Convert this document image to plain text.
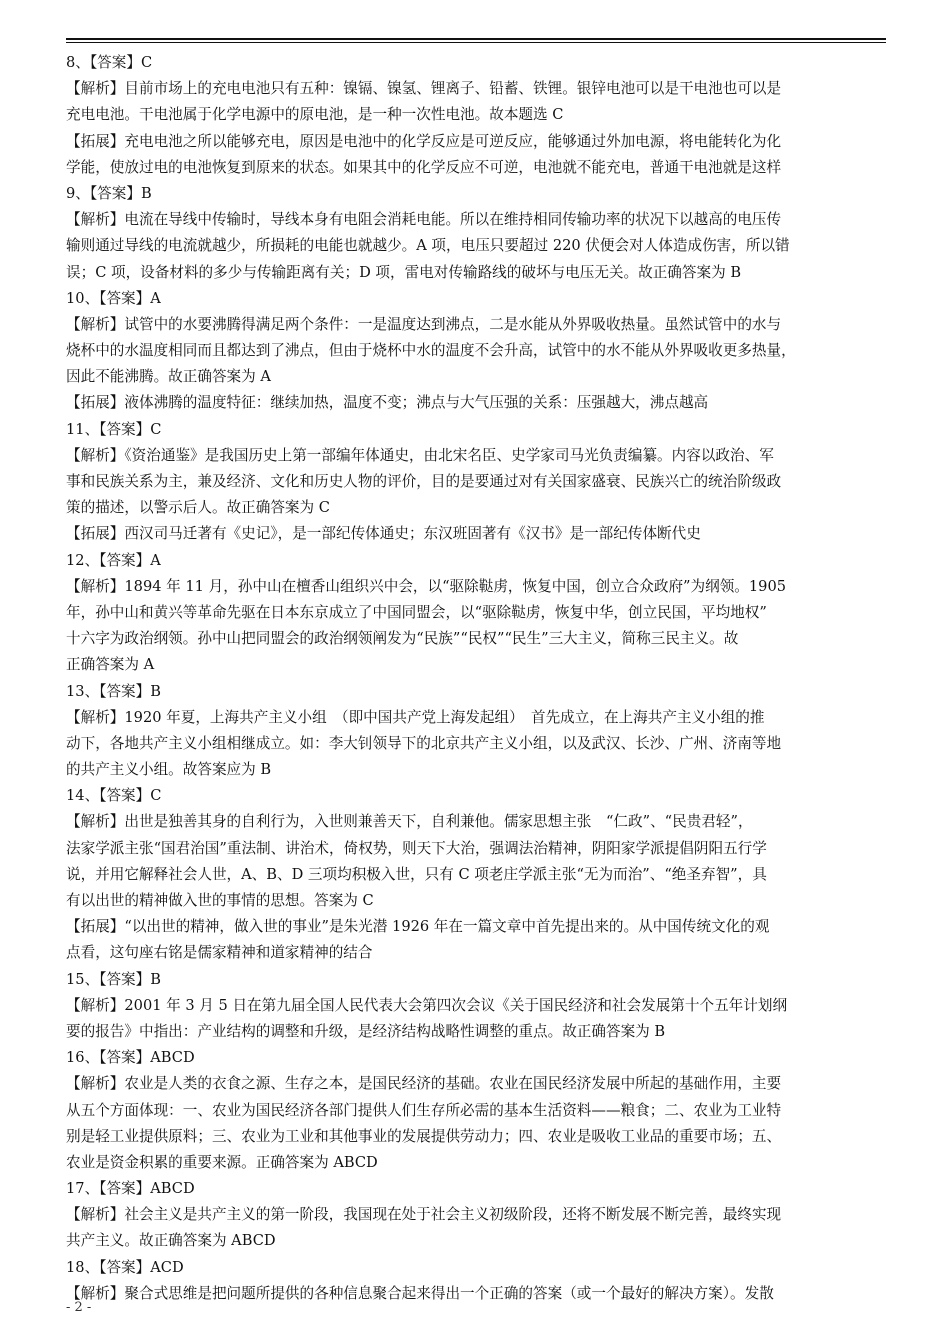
8、【答案】C
【解析】目前市场上的充电电池只有五种：镍镉、镍氢、锂离子、铅蓄、铁锂。银锌电池可以是干电池也可以是
充电电池。干电池属于化学电源中的原电池，是一种一次性电池。故本题选 C
【拓展】充电电池之所以能够充电，原因是电池中的化学反应是可逆反应，能够通过外加电源，将电能转化为化
学能，使放过电的电池恢复到原来的状态。如果其中的化学反应不可逆，电池就不能充电，普通干电池就是这样
9、【答案】B
【解析】电流在导线中传输时，导线本身有电阻会消耗电能。所以在维持相同传输功率的状况下以越高的电压传
输则通过导线的电流就越少，所损耗的电能也就越少。A 项，电压只要超过 220 伏便会对人体造成伤害，所以错
误；C 项，设备材料的多少与传输距离有关；D 项，雷电对传输路线的破坏与电压无关。故正确答案为 B
10、【答案】A
【解析】试管中的水要沸腾得满足两个条件：一是温度达到沸点，二是水能从外界吸收热量。虽然试管中的水与
烧杯中的水温度相同而且都达到了沸点，但由于烧杯中水的温度不会升高，试管中的水不能从外界吸收更多热量，
因此不能沸腾。故正确答案为 A
【拓展】液体沸腾的温度特征：继续加热，温度不变；沸点与大气压强的关系：压强越大，沸点越高
11、【答案】C
【解析】《资治通鉴》是我国历史上第一部编年体通史，由北宋名臣、史学家司马光负责编纂。内容以政治、军
事和民族关系为主，兼及经济、文化和历史人物的评价，目的是要通过对有关国家盛衰、民族兴亡的统治阶级政
策的描述，以警示后人。故正确答案为 C
【拓展】西汉司马迁著有《史记》，是一部纪传体通史；东汉班固著有《汉书》是一部纪传体断代史
12、【答案】A
【解析】1894 年 11 月，孙中山在檀香山组织兴中会，以“驱除鞑虏，恢复中国，创立合众政府”为纲领。1905
年，孙中山和黄兴等革命先驱在日本东京成立了中国同盟会，以“驱除鞑虏，恢复中华，创立民国，平均地权”
十六字为政治纲领。孙中山把同盟会的政治纲领阐发为“民族”“民权”“民生”三大主义，简称三民主义。故
正确答案为 A
13、【答案】B
【解析】1920 年夏，上海共产主义小组　（即中国共产党上海发起组）　首先成立，在上海共产主义小组的推
动下，各地共产主义小组相继成立。如：李大钊领导下的北京共产主义小组，以及武汉、长沙、广州、济南等地
的共产主义小组。故答案应为 B
14、【答案】C
【解析】出世是独善其身的自利行为，入世则兼善天下，自利兼他。儒家思想主张　“仁政”、“民贵君轻”，
法家学派主张“国君治国”重法制、讲治术，倚权势，则天下大治，强调法治精神，阴阳家学派提倡阴阳五行学
说，并用它解释社会人世，A、B、D 三项均积极入世，只有 C 项老庄学派主张“无为而治”、“绝圣弃智”，具
有以出世的精神做入世的事情的思想。答案为 C
【拓展】“以出世的精神，做入世的事业”是朱光潜 1926 年在一篇文章中首先提出来的。从中国传统文化的观
点看，这句座右铭是儒家精神和道家精神的结合
15、【答案】B
【解析】2001 年 3 月 5 日在第九届全国人民代表大会第四次会议《关于国民经济和社会发展第十个五年计划纲
要的报告》中指出：产业结构的调整和升级，是经济结构战略性调整的重点。故正确答案为 B
16、【答案】ABCD
【解析】农业是人类的衣食之源、生存之本，是国民经济的基础。农业在国民经济发展中所起的基础作用，主要
从五个方面体现：一、农业为国民经济各部门提供人们生存所必需的基本生活资料——粮食；二、农业为工业特
别是轻工业提供原料；三、农业为工业和其他事业的发展提供劳动力；四、农业是吸收工业品的重要市场；五、
农业是资金积累的重要来源。正确答案为 ABCD
17、【答案】ABCD
【解析】社会主义是共产主义的第一阶段，我国现在处于社会主义初级阶段，还将不断发展不断完善，最终实现
共产主义。故正确答案为 ABCD
18、【答案】ACD
【解析】聚合式思维是把问题所提供的各种信息聚合起来得出一个正确的答案（或一个最好的解决方案）。发散
- 2 -
